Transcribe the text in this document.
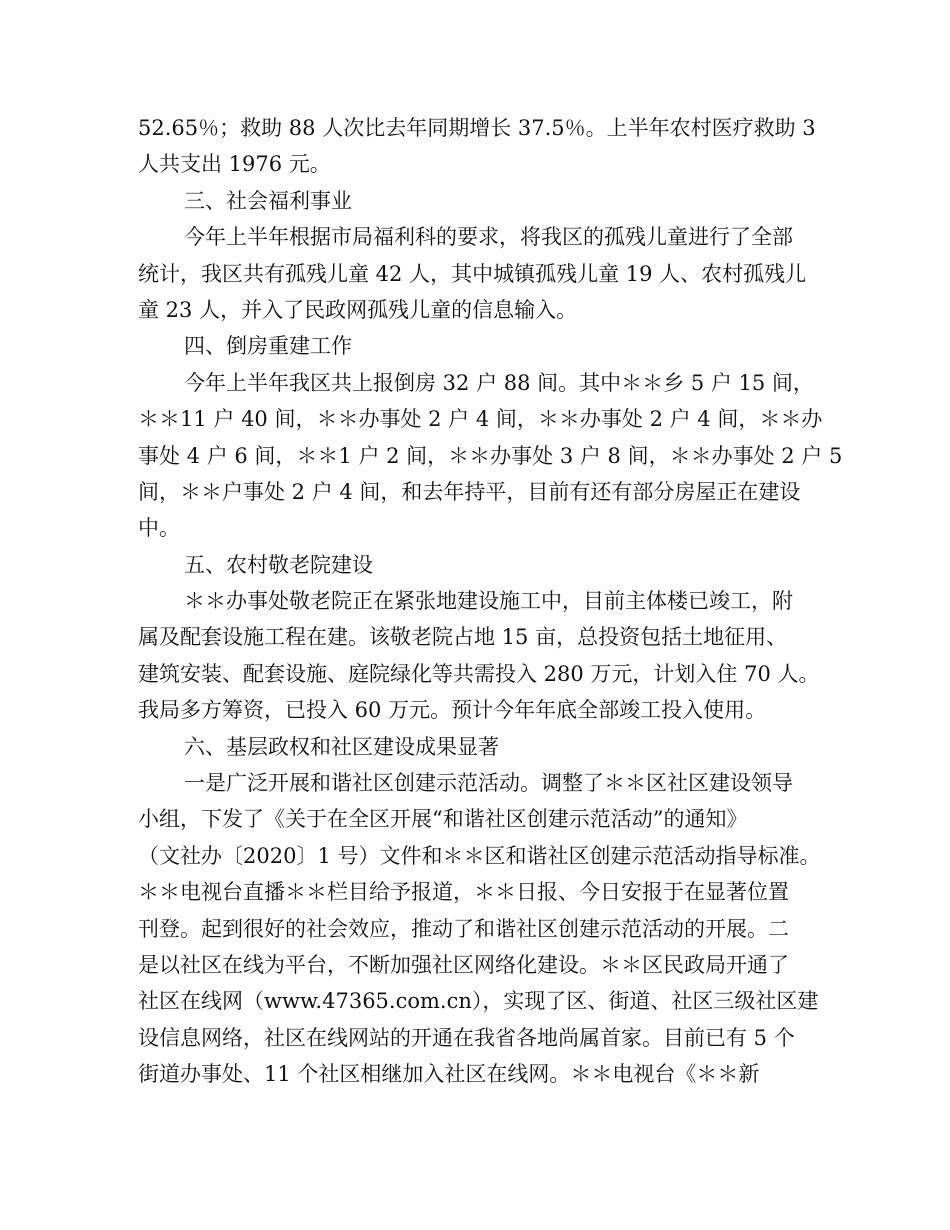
52.65％；救助 88 人次比去年同期增长 37.5％。上半年农村医疗救助 3
人共支出 1976 元。

三、社会福利事业

今年上半年根据市局福利科的要求，将我区的孤残儿童进行了全部
统计，我区共有孤残儿童 42 人，其中城镇孤残儿童 19 人、农村孤残儿
童 23 人，并入了民政网孤残儿童的信息输入。

四、倒房重建工作

今年上半年我区共上报倒房 32 户 88 间。其中＊＊乡 5 户 15 间，
＊＊11 户 40 间，＊＊办事处 2 户 4 间，＊＊办事处 2 户 4 间，＊＊办
事处 4 户 6 间，＊＊1 户 2 间，＊＊办事处 3 户 8 间，＊＊办事处 2 户 5
间，＊＊户事处 2 户 4 间，和去年持平，目前有还有部分房屋正在建设
中。

五、农村敬老院建设

＊＊办事处敬老院正在紧张地建设施工中，目前主体楼已竣工，附
属及配套设施工程在建。该敬老院占地 15 亩，总投资包括土地征用、
建筑安装、配套设施、庭院绿化等共需投入 280 万元，计划入住 70 人。
我局多方筹资，已投入 60 万元。预计今年年底全部竣工投入使用。

六、基层政权和社区建设成果显著

一是广泛开展和谐社区创建示范活动。调整了＊＊区社区建设领导
小组，下发了《关于在全区开展“和谐社区创建示范活动”的通知》
（文社办〔2020〕1 号）文件和＊＊区和谐社区创建示范活动指导标准。
＊＊电视台直播＊＊栏目给予报道，＊＊日报、今日安报于在显著位置
刊登。起到很好的社会效应，推动了和谐社区创建示范活动的开展。二
是以社区在线为平台，不断加强社区网络化建设。＊＊区民政局开通了
社区在线网（www.47365.com.cn），实现了区、街道、社区三级社区建
设信息网络，社区在线网站的开通在我省各地尚属首家。目前已有 5 个
街道办事处、11 个社区相继加入社区在线网。＊＊电视台《＊＊新
